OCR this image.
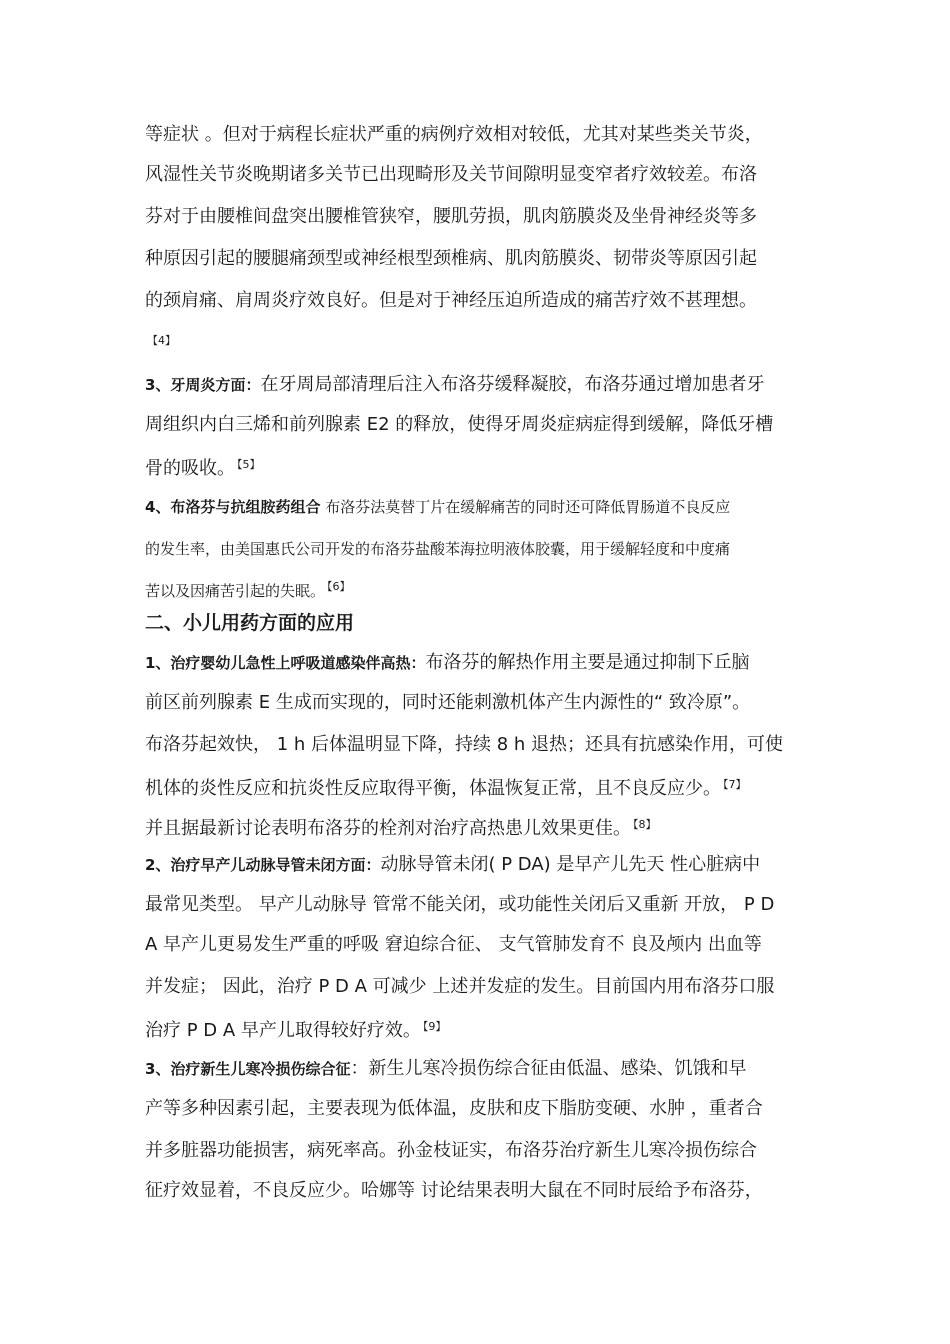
等症状 。但对于病程长症状严重的病例疗效相对较低，尤其对某些类关节炎，
风湿性关节炎晚期诸多关节已出现畸形及关节间隙明显变窄者疗效较差。布洛
芬对于由腰椎间盘突出腰椎管狭窄，腰肌劳损，肌肉筋膜炎及坐骨神经炎等多
种原因引起的腰腿痛颈型或神经根型颈椎病、肌肉筋膜炎、韧带炎等原因引起
的颈肩痛、肩周炎疗效良好。但是对于神经压迫所造成的痛苦疗效不甚理想。
$^{【4】}$
3、牙周炎方面：在牙周局部清理后注入布洛芬缓释凝胶，布洛芬通过增加患者牙
周组织内白三烯和前列腺素 E2 的释放，使得牙周炎症病症得到缓解，降低牙槽
骨的吸收。 $^{【5】}$
4、布洛芬与抗组胺药组合 布洛芬法莫替丁片在缓解痛苦的同时还可降低胃肠道不良反应
的发生率，由美国惠氏公司开发的布洛芬盐酸苯海拉明液体胶囊，用于缓解轻度和中度痛
苦以及因痛苦引起的失眠。 $^{【6】}$
二、小儿用药方面的应用
1、治疗婴幼儿急性上呼吸道感染伴高热：布洛芬的解热作用主要是通过抑制下丘脑
前区前列腺素 E 生成而实现的，同时还能刺激机体产生内源性的“ 致冷原”。
布洛芬起效快， 1 h 后体温明显下降，持续 8 h 退热；还具有抗感染作用，可使
机体的炎性反应和抗炎性反应取得平衡，体温恢复正常，且不良反应少。 $^{【7】}$
并且据最新讨论表明布洛芬的栓剂对治疗高热患儿效果更佳。 $^{【8】}$
2、治疗早产儿动脉导管未闭方面：动脉导管未闭( P DA) 是早产儿先天 性心脏病中
最常见类型。 早产儿动脉导 管常不能关闭，或功能性关闭后又重新 开放， P D
A 早产儿更易发生严重的呼吸 窘迫综合征、 支气管肺发育不 良及颅内 出血等
并发症； 因此，治疗 P D A 可减少 上述并发症的发生。目前国内用布洛芬口服
治疗 P D A 早产儿取得较好疗效。 $^{【9】}$
3、治疗新生儿寒冷损伤综合征：新生儿寒冷损伤综合征由低温、感染、饥饿和早
产等多种因素引起，主要表现为低体温，皮肤和皮下脂肪变硬、水肿 ，重者合
并多脏器功能损害，病死率高。孙金枝证实，布洛芬治疗新生儿寒冷损伤综合
征疗效显着，不良反应少。哈娜等 讨论结果表明大鼠在不同时辰给予布洛芬，
